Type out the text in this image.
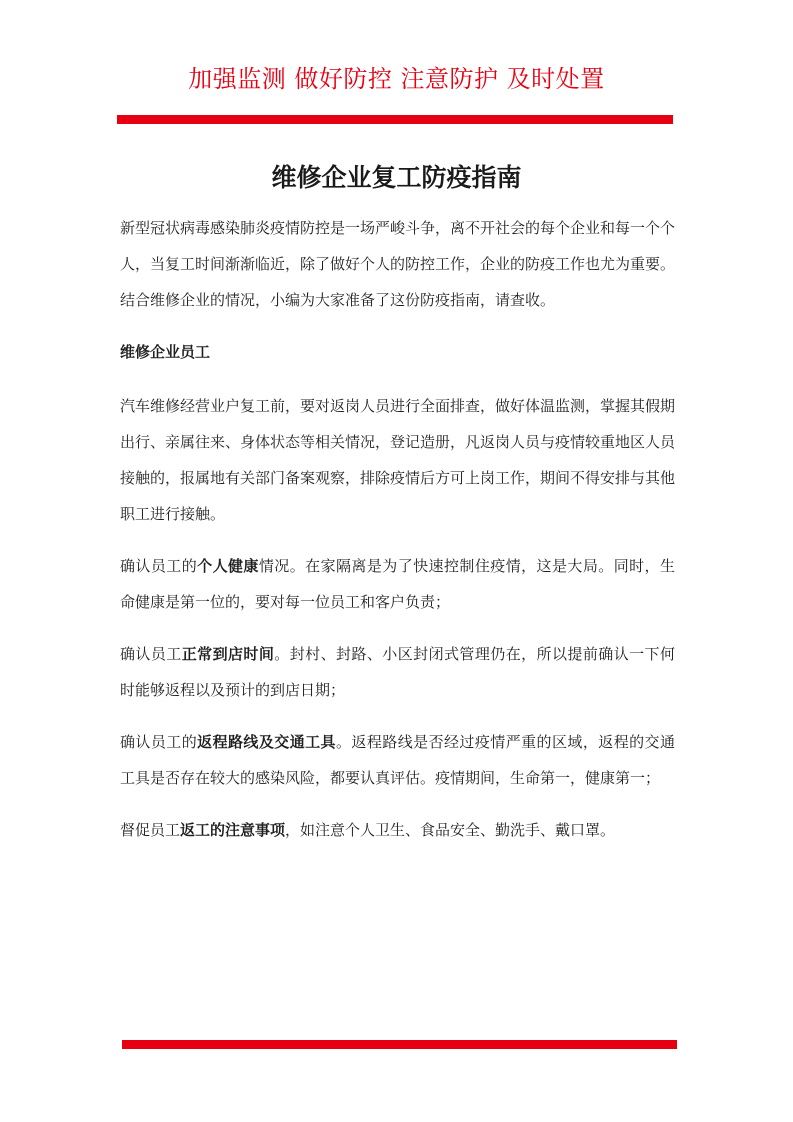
加强监测 做好防控 注意防护 及时处置
维修企业复工防疫指南

新型冠状病毒感染肺炎疫情防控是一场严峻斗争，离不开社会的每个企业和每一个个人，当复工时间渐渐临近，除了做好个人的防控工作，企业的防疫工作也尤为重要。结合维修企业的情况，小编为大家准备了这份防疫指南，请查收。

维修企业员工

汽车维修经营业户复工前，要对返岗人员进行全面排查，做好体温监测，掌握其假期出行、亲属往来、身体状态等相关情况，登记造册，凡返岗人员与疫情较重地区人员接触的，报属地有关部门备案观察，排除疫情后方可上岗工作，期间不得安排与其他职工进行接触。

确认员工的个人健康情况。在家隔离是为了快速控制住疫情，这是大局。同时，生命健康是第一位的，要对每一位员工和客户负责；

确认员工正常到店时间。封村、封路、小区封闭式管理仍在，所以提前确认一下何时能够返程以及预计的到店日期；

确认员工的返程路线及交通工具。返程路线是否经过疫情严重的区域，返程的交通工具是否存在较大的感染风险，都要认真评估。疫情期间，生命第一，健康第一；

督促员工返工的注意事项，如注意个人卫生、食品安全、勤洗手、戴口罩。
